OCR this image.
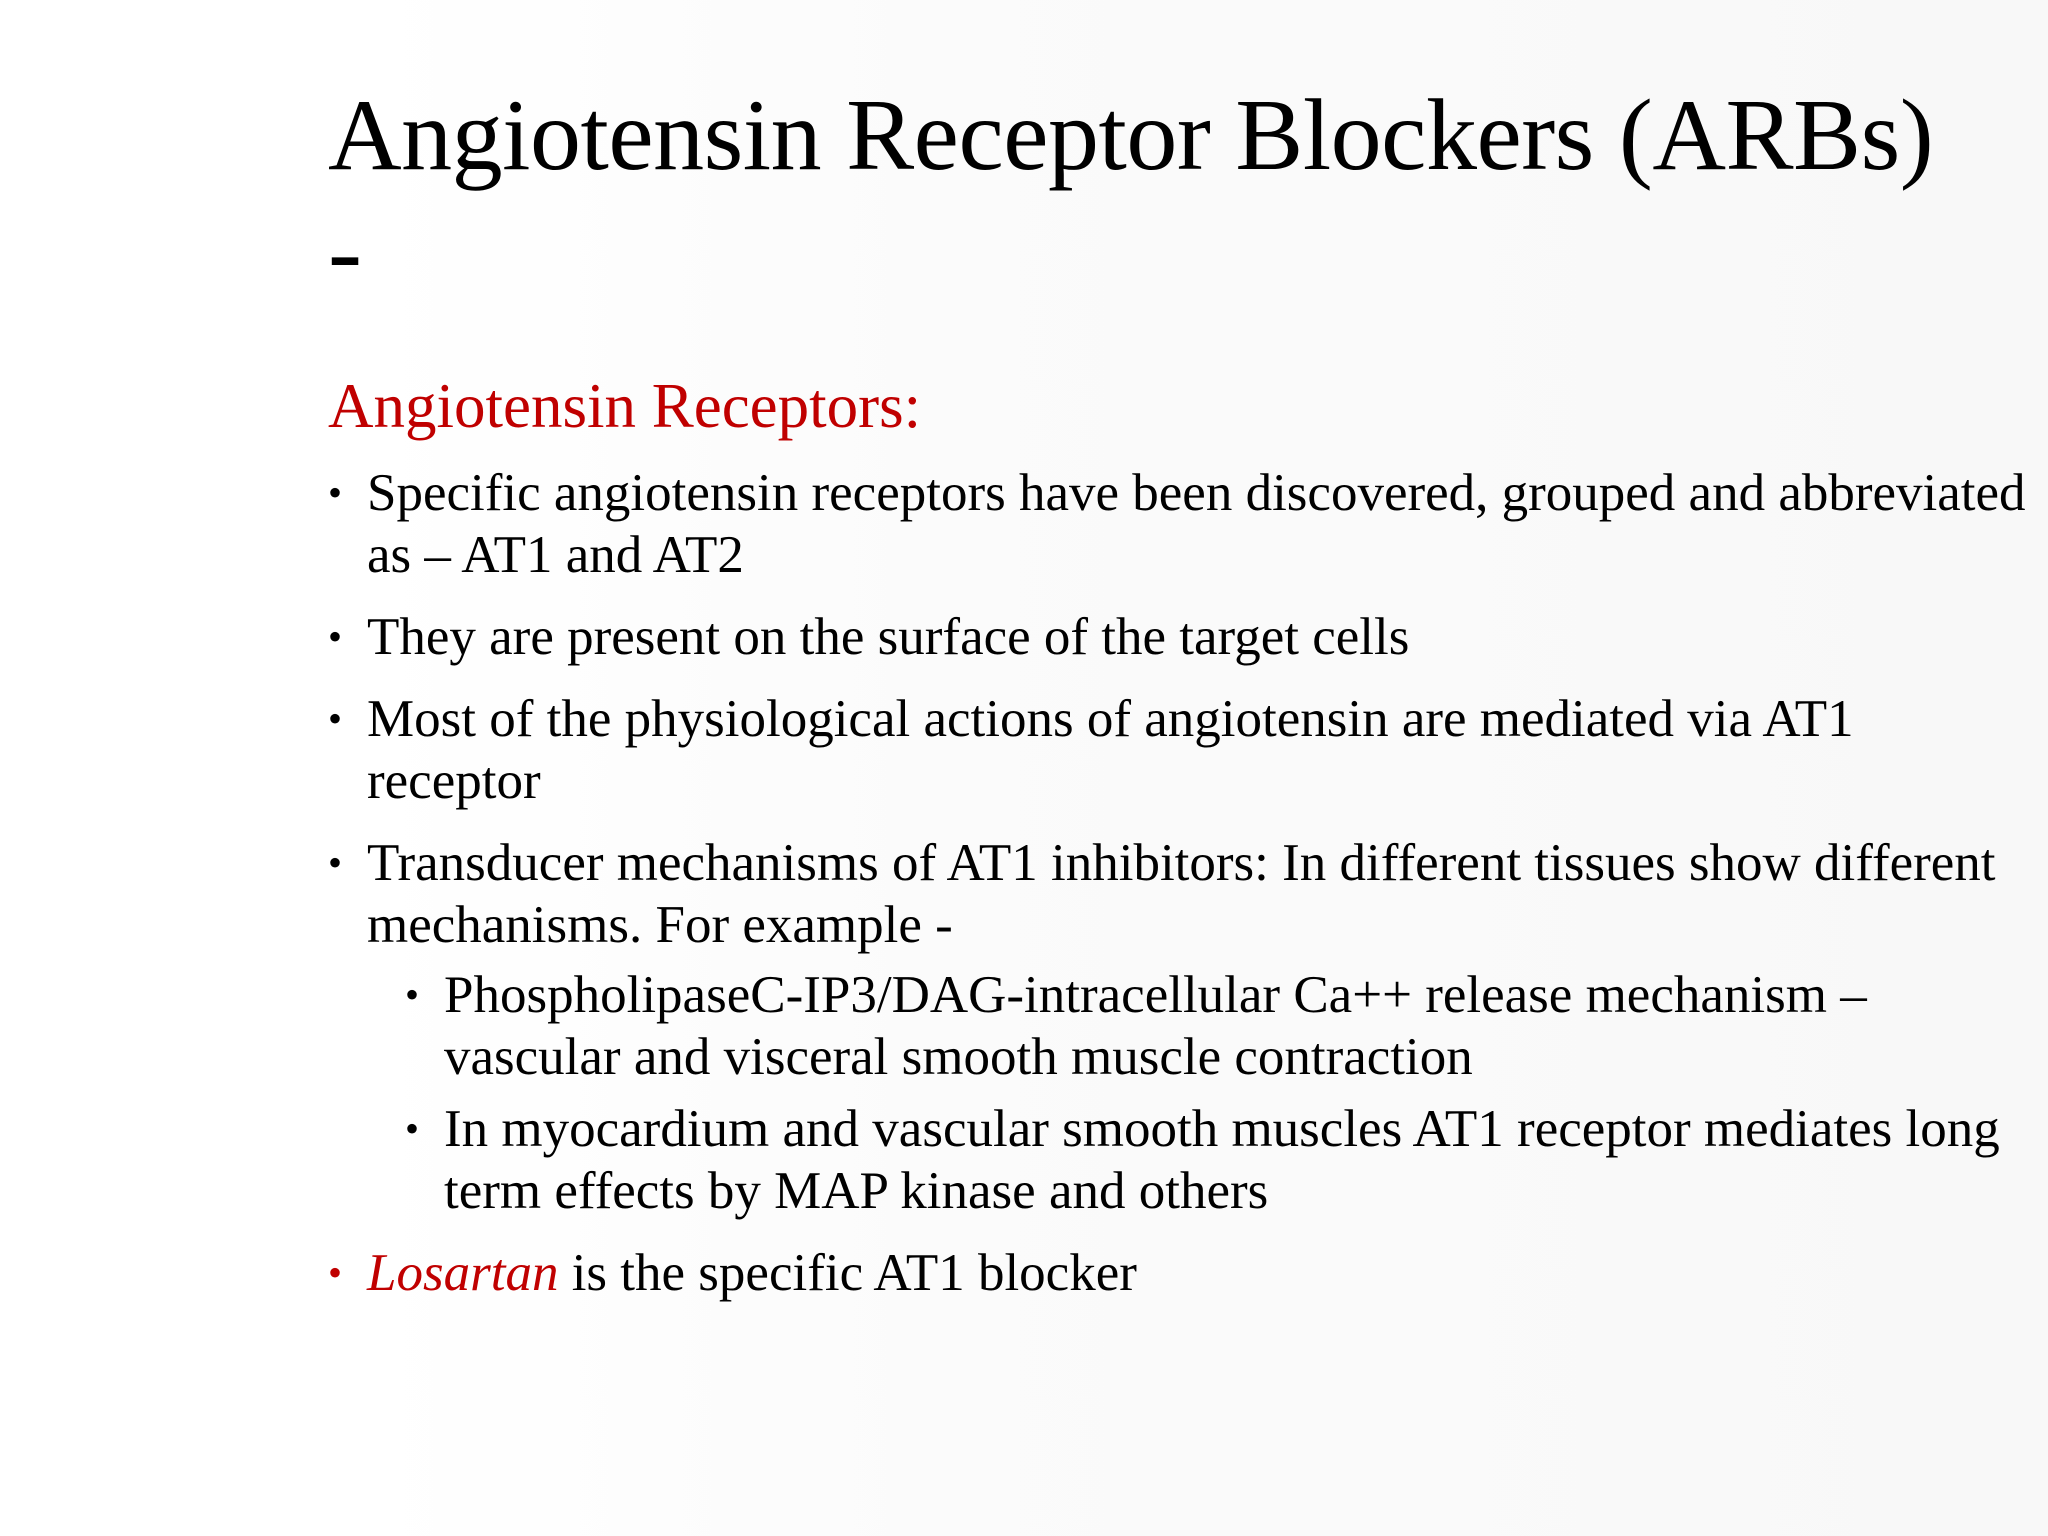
Angiotensin Receptor Blockers (ARBs) -
Angiotensin Receptors:
• Specific angiotensin receptors have been discovered, grouped and abbreviated as – AT1 and AT2
• They are present on the surface of the target cells
• Most of the physiological actions of angiotensin are mediated via AT1 receptor
• Transducer mechanisms of AT1 inhibitors: In different tissues show different mechanisms. For example -
• PhospholipaseC-IP3/DAG-intracellular Ca++ release mechanism – vascular and visceral smooth muscle contraction
• In myocardium and vascular smooth muscles AT1 receptor mediates long term effects by MAP kinase and others
• Losartan is the specific AT1 blocker
